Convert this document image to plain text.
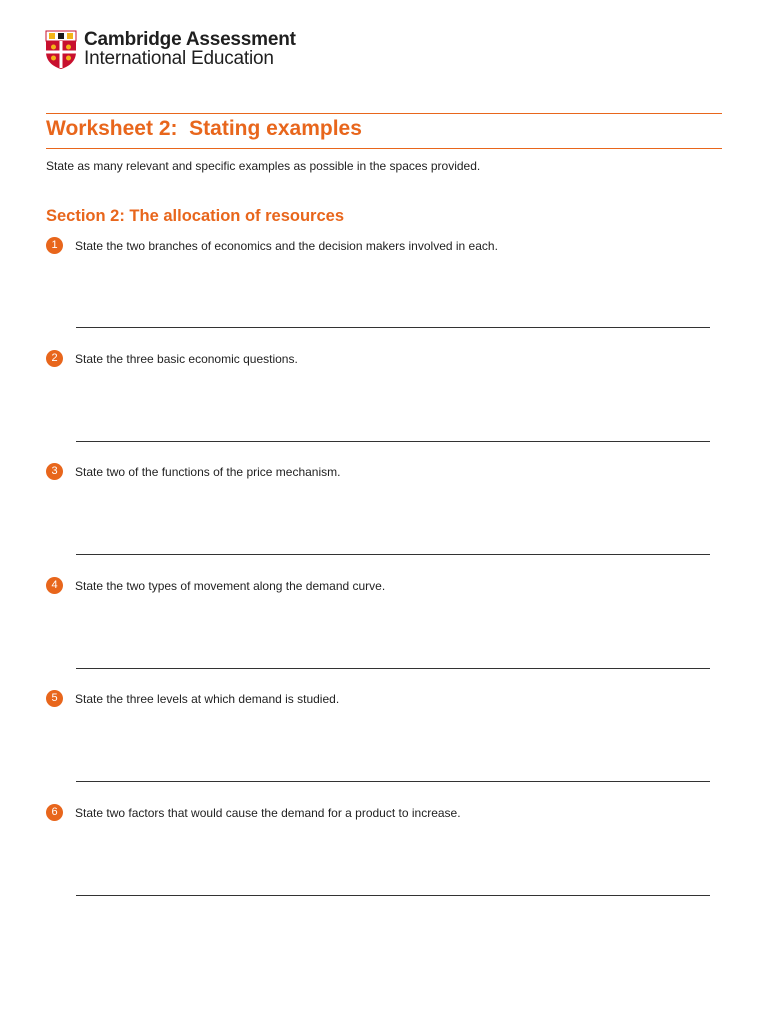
Cambridge Assessment
International Education
Worksheet 2:  Stating examples

State as many relevant and specific examples as possible in the spaces provided.

Section 2: The allocation of resources
1	State the two branches of economics and the decision makers involved in each.
2	State the three basic economic questions.
3	State two of the functions of the price mechanism.
4	State the two types of movement along the demand curve.
5	State the three levels at which demand is studied.
6	State two factors that would cause the demand for a product to increase.
